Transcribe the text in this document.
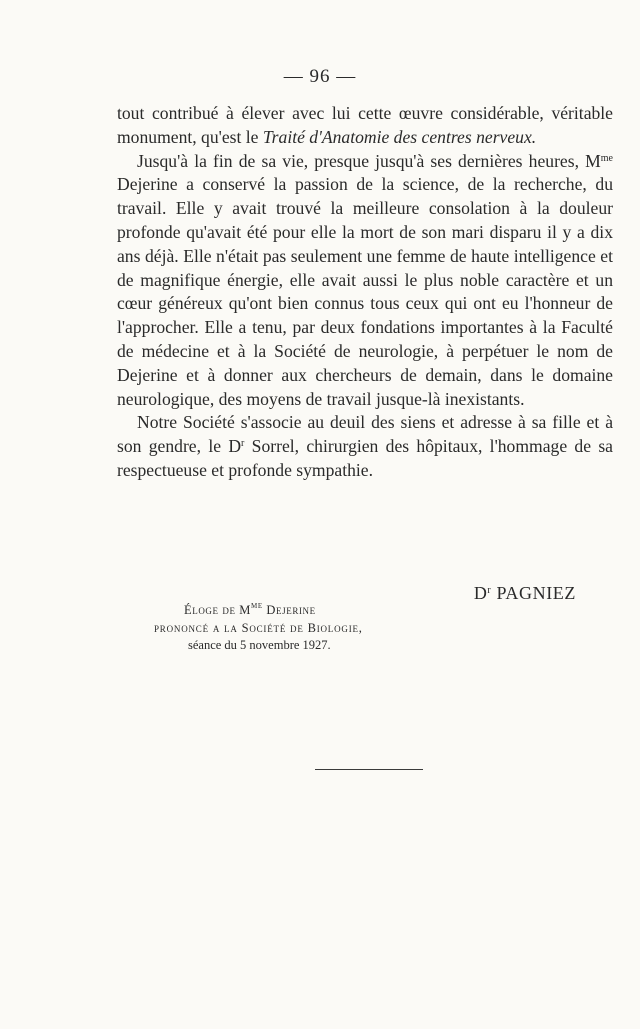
— 96 —

tout contribué à élever avec lui cette œuvre considérable, véritable monument, qu'est le Traité d'Anatomie des centres nerveux.

Jusqu'à la fin de sa vie, presque jusqu'à ses dernières heures, $M^{me}$ Dejerine a conservé la passion de la science, de la recherche, du travail. Elle y avait trouvé la meilleure consolation à la douleur profonde qu'avait été pour elle la mort de son mari disparu il y a dix ans déjà. Elle n'était pas seulement une femme de haute intelligence et de magnifique énergie, elle avait aussi le plus noble caractère et un cœur généreux qu'ont bien connus tous ceux qui ont eu l'honneur de l'approcher. Elle a tenu, par deux fondations importantes à la Faculté de médecine et à la Société de neurologie, à perpétuer le nom de Dejerine et à donner aux chercheurs de demain, dans le domaine neurologique, des moyens de travail jusque-là inexistants.

Notre Société s'associe au deuil des siens et adresse à sa fille et à son gendre, le $D^r$ Sorrel, chirurgien des hôpitaux, l'hommage de sa respectueuse et profonde sympathie.

$D^r$ PAGNIEZ
Éloge de $M^{me}$ Dejerine
prononcé a la Société de Biologie,
séance du 5 novembre 1927.
